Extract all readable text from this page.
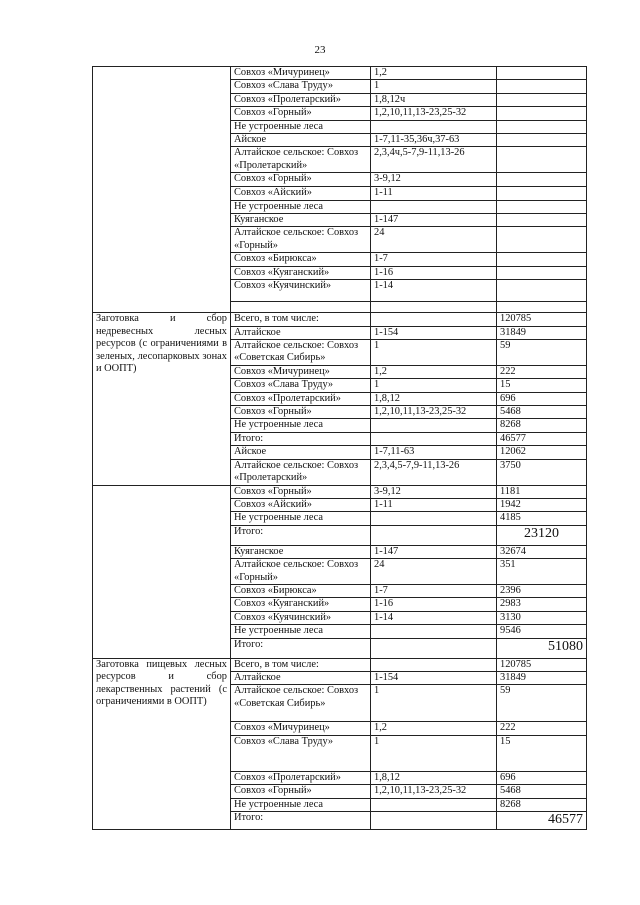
23
	Совхоз «Мичуринец»	1,2	
	Совхоз «Слава Труду»	1	
	Совхоз «Пролетарский»	1,8,12ч	
	Совхоз «Горный»	1,2,10,11,13-23,25-32	
	Не устроенные леса		
	Айское	1-7,11-35,36ч,37-63	
	Алтайское сельское: Совхоз «Пролетарский»	2,3,4ч,5-7,9-11,13-26	
	Совхоз «Горный»	3-9,12	
	Совхоз «Айский»	1-11	
	Не устроенные леса		
	Куяганское	1-147	
	Алтайское сельское: Совхоз «Горный»	24	
	Совхоз «Бирюкса»	1-7	
	Совхоз «Куяганский»	1-16	
	Совхоз «Куячинский»	1-14	

Заготовка и сбор недревесных лесных ресурсов (с ограничениями в зеленых, лесопарковых зонах и ООПТ)	Всего, в том числе:		120785
	Алтайское	1-154	31849
	Алтайское сельское: Совхоз «Советская Сибирь»	1	59
	Совхоз «Мичуринец»	1,2	222
	Совхоз «Слава Труду»	1	15
	Совхоз «Пролетарский»	1,8,12	696
	Совхоз «Горный»	1,2,10,11,13-23,25-32	5468
	Не устроенные леса		8268
	Итого:		46577
	Айское	1-7,11-63	12062
	Алтайское сельское: Совхоз «Пролетарский»	2,3,4,5-7,9-11,13-26	3750
	Совхоз «Горный»	3-9,12	1181
	Совхоз «Айский»	1-11	1942
	Не устроенные леса		4185
	Итого:		23120
	Куяганское	1-147	32674
	Алтайское сельское: Совхоз «Горный»	24	351
	Совхоз «Бирюкса»	1-7	2396
	Совхоз «Куяганский»	1-16	2983
	Совхоз «Куячинский»	1-14	3130
	Не устроенные леса		9546
	Итого:		51080
Заготовка пищевых лесных ресурсов и сбор лекарственных растений (с ограничениями в ООПТ)	Всего, в том числе:		120785
	Алтайское	1-154	31849
	Алтайское сельское: Совхоз «Советская Сибирь»	1	59
	Совхоз «Мичуринец»	1,2	222
	Совхоз «Слава Труду»	1	15
	Совхоз «Пролетарский»	1,8,12	696
	Совхоз «Горный»	1,2,10,11,13-23,25-32	5468
	Не устроенные леса		8268
	Итого:		46577
